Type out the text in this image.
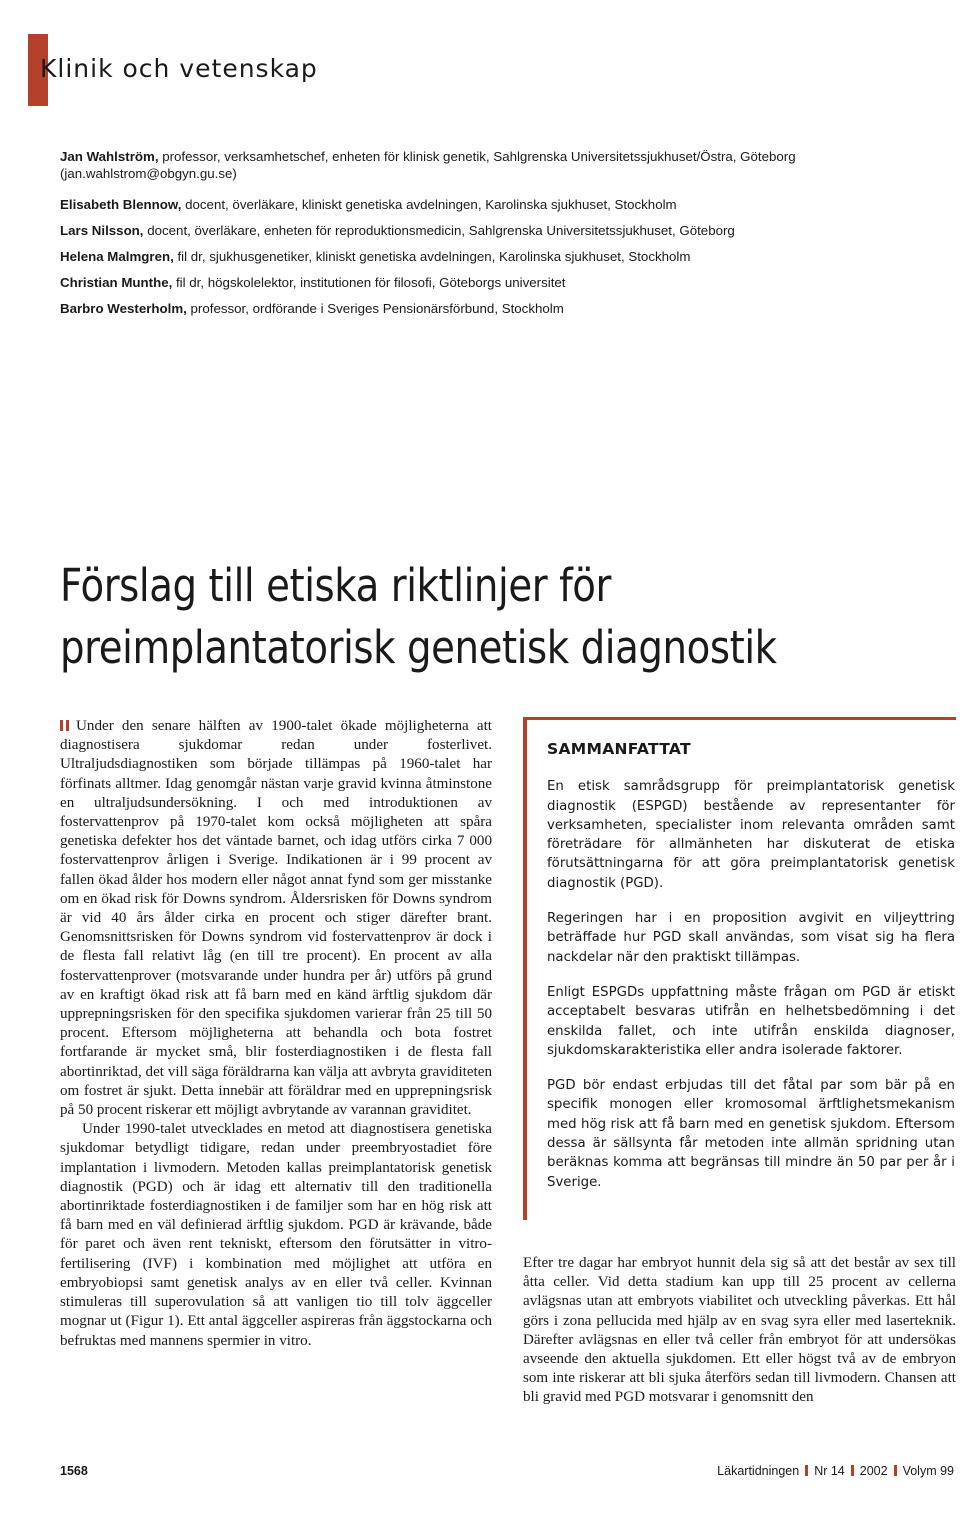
Klinik och vetenskap
Jan Wahlström, professor, verksamhetschef, enheten för klinisk genetik, Sahlgrenska Universitetssjukhuset/Östra, Göteborg
(jan.wahlstrom@obgyn.gu.se)
Elisabeth Blennow, docent, överläkare, kliniskt genetiska avdelningen, Karolinska sjukhuset, Stockholm
Lars Nilsson, docent, överläkare, enheten för reproduktionsmedicin, Sahlgrenska Universitetssjukhuset, Göteborg
Helena Malmgren, fil dr, sjukhusgenetiker, kliniskt genetiska avdelningen, Karolinska sjukhuset, Stockholm
Christian Munthe, fil dr, högskolelektor, institutionen för filosofi, Göteborgs universitet
Barbro Westerholm, professor, ordförande i Sveriges Pensionärsförbund, Stockholm
Förslag till etiska riktlinjer för
preimplantatorisk genetisk diagnostik

Under den senare hälften av 1900-talet ökade möjligheterna att diagnostisera sjukdomar redan under fosterlivet. Ultraljudsdiagnostiken som började tillämpas på 1960-talet har förfinats alltmer. Idag genomgår nästan varje gravid kvinna åtminstone en ultraljudsundersökning. I och med introduktionen av fostervattenprov på 1970-talet kom också möjligheten att spåra genetiska defekter hos det väntade barnet, och idag utförs cirka 7 000 fostervattenprov årligen i Sverige. Indikationen är i 99 procent av fallen ökad ålder hos modern eller något annat fynd som ger misstanke om en ökad risk för Downs syndrom. Åldersrisken för Downs syndrom är vid 40 års ålder cirka en procent och stiger därefter brant. Genomsnittsrisken för Downs syndrom vid fostervattenprov är dock i de flesta fall relativt låg (en till tre procent). En procent av alla fostervattenprover (motsvarande under hundra per år) utförs på grund av en kraftigt ökad risk att få barn med en känd ärftlig sjukdom där upprepningsrisken för den specifika sjukdomen varierar från 25 till 50 procent. Eftersom möjligheterna att behandla och bota fostret fortfarande är mycket små, blir fosterdiagnostiken i de flesta fall abortinriktad, det vill säga föräldrarna kan välja att avbryta graviditeten om fostret är sjukt. Detta innebär att föräldrar med en upprepningsrisk på 50 procent riskerar ett möjligt avbrytande av varannan graviditet.

Under 1990-talet utvecklades en metod att diagnostisera genetiska sjukdomar betydligt tidigare, redan under preembryostadiet före implantation i livmodern. Metoden kallas preimplantatorisk genetisk diagnostik (PGD) och är idag ett alternativ till den traditionella abortinriktade fosterdiagnostiken i de familjer som har en hög risk att få barn med en väl definierad ärftlig sjukdom. PGD är krävande, både för paret och även rent tekniskt, eftersom den förutsätter in vitro-fertilisering (IVF) i kombination med möjlighet att utföra en embryobiopsi samt genetisk analys av en eller två celler. Kvinnan stimuleras till superovulation så att vanligen tio till tolv äggceller mognar ut (Figur 1). Ett antal äggceller aspireras från äggstockarna och befruktas med mannens spermier in vitro.

SAMMANFATTAT

En etisk samrådsgrupp för preimplantatorisk genetisk diagnostik (ESPGD) bestående av representanter för verksamheten, specialister inom relevanta områden samt företrädare för allmänheten har diskuterat de etiska förutsättningarna för att göra preimplantatorisk genetisk diagnostik (PGD).

Regeringen har i en proposition avgivit en viljeyttring beträffade hur PGD skall användas, som visat sig ha flera nackdelar när den praktiskt tillämpas.

Enligt ESPGDs uppfattning måste frågan om PGD är etiskt acceptabelt besvaras utifrån en helhetsbedömning i det enskilda fallet, och inte utifrån enskilda diagnoser, sjukdomskarakteristika eller andra isolerade faktorer.

PGD bör endast erbjudas till det fåtal par som bär på en specifik monogen eller kromosomal ärftlighetsmekanism med hög risk att få barn med en genetisk sjukdom. Eftersom dessa är sällsynta får metoden inte allmän spridning utan beräknas komma att begränsas till mindre än 50 par per år i Sverige.

Efter tre dagar har embryot hunnit dela sig så att det består av sex till åtta celler. Vid detta stadium kan upp till 25 procent av cellerna avlägsnas utan att embryots viabilitet och utveckling påverkas. Ett hål görs i zona pellucida med hjälp av en svag syra eller med laserteknik. Därefter avlägsnas en eller två celler från embryot för att undersökas avseende den aktuella sjukdomen. Ett eller högst två av de embryon som inte riskerar att bli sjuka återförs sedan till livmodern. Chansen att bli gravid med PGD motsvarar i genomsnitt den

1568	Läkartidningen Nr 14 2002 Volym 99
